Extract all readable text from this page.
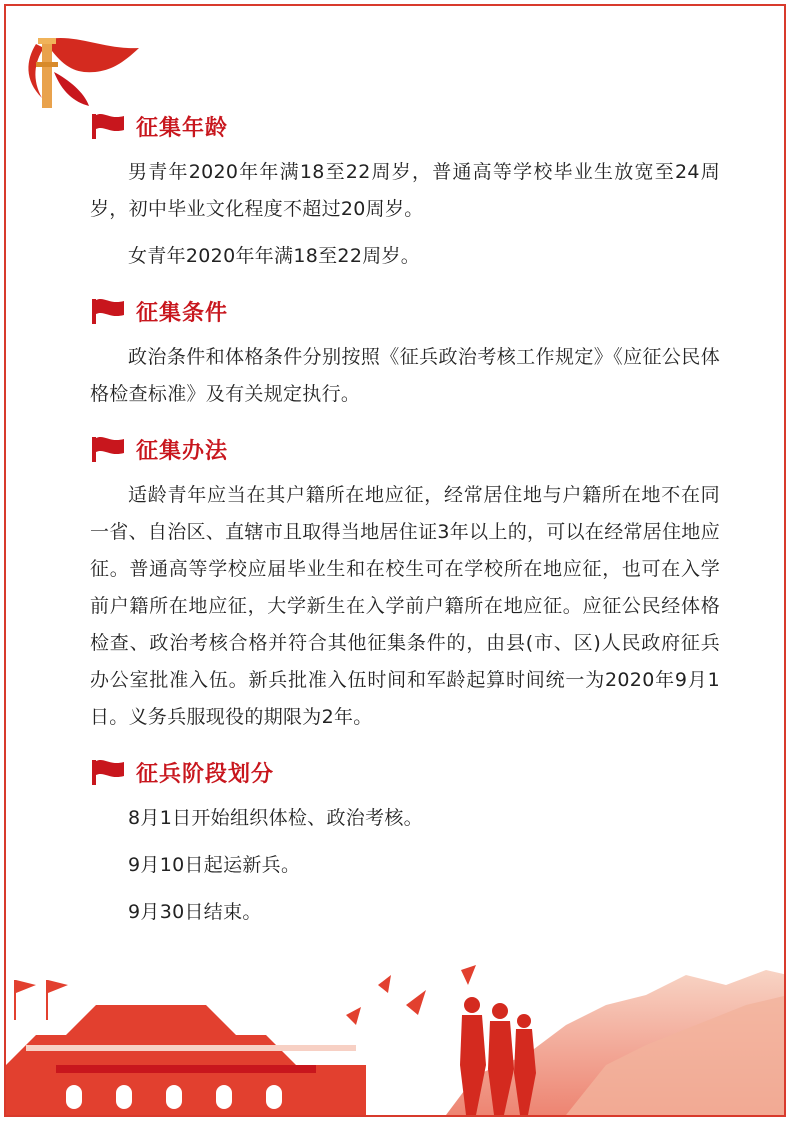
征集年龄

男青年2020年年满18至22周岁，普通高等学校毕业生放宽至24周岁，初中毕业文化程度不超过20周岁。

女青年2020年年满18至22周岁。

征集条件

政治条件和体格条件分别按照《征兵政治考核工作规定》《应征公民体格检查标准》及有关规定执行。

征集办法

适龄青年应当在其户籍所在地应征，经常居住地与户籍所在地不在同一省、自治区、直辖市且取得当地居住证3年以上的，可以在经常居住地应征。普通高等学校应届毕业生和在校生可在学校所在地应征，也可在入学前户籍所在地应征，大学新生在入学前户籍所在地应征。应征公民经体格检查、政治考核合格并符合其他征集条件的，由县(市、区)人民政府征兵办公室批准入伍。新兵批准入伍时间和军龄起算时间统一为2020年9月1日。义务兵服现役的期限为2年。

征兵阶段划分

8月1日开始组织体检、政治考核。

9月10日起运新兵。

9月30日结束。
